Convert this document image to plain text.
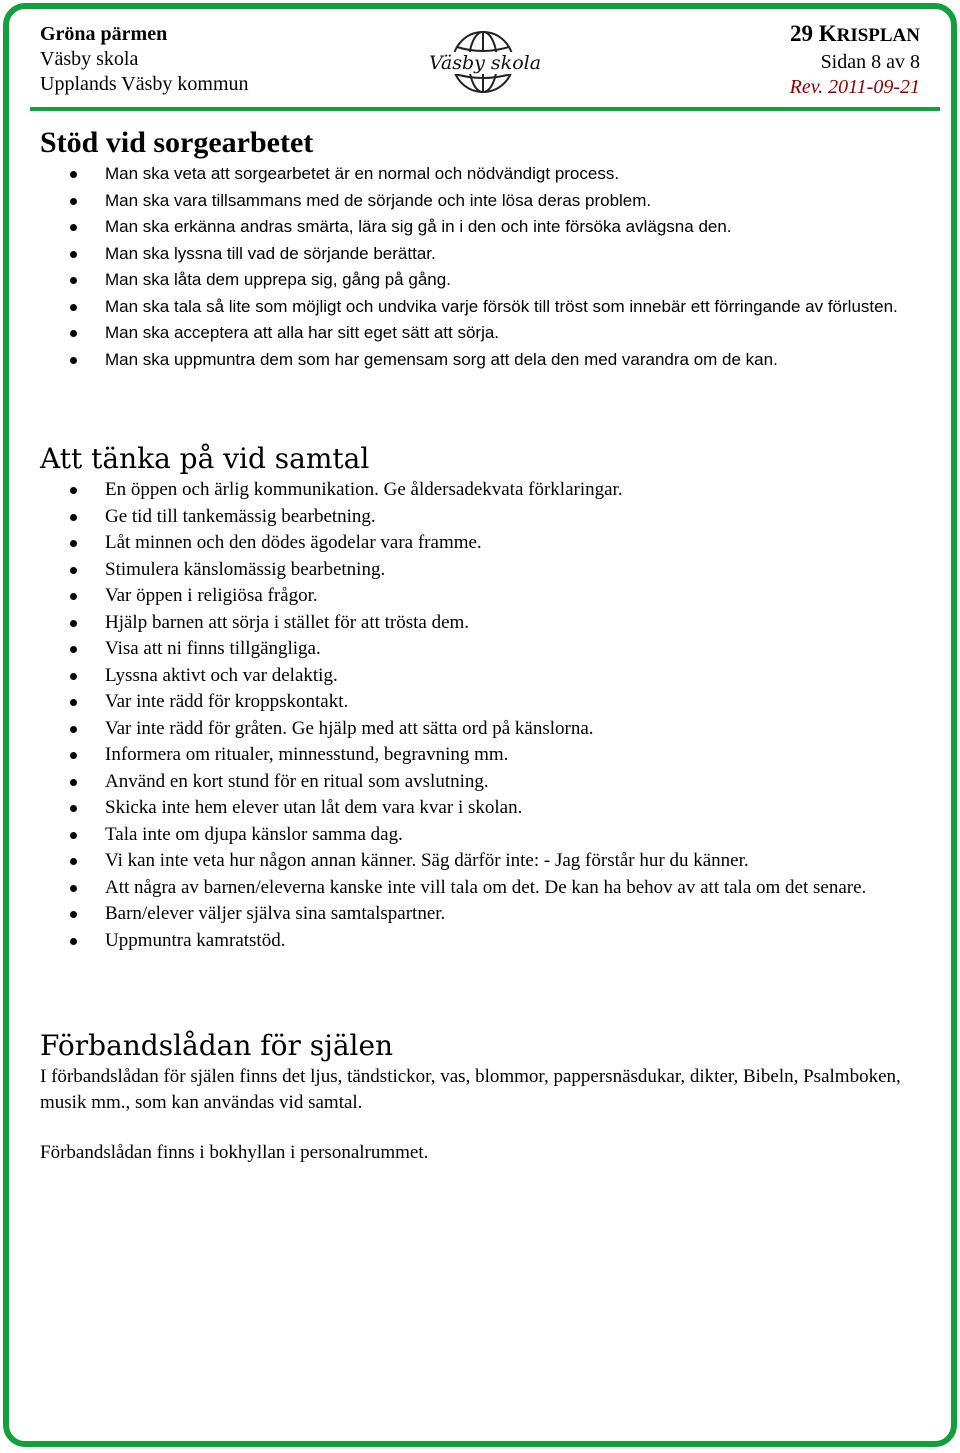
Gröna pärmen
Väsby skola
Upplands Väsby kommun
Väsby skola
29 KRISPLAN
Sidan 8 av 8
Rev. 2011-09-21
Stöd vid sorgearbetet
Man ska veta att sorgearbetet är en normal och nödvändigt process.
Man ska vara tillsammans med de sörjande och inte lösa deras problem.
Man ska erkänna andras smärta, lära sig gå in i den och inte försöka avlägsna den.
Man ska lyssna till vad de sörjande berättar.
Man ska låta dem upprepa sig, gång på gång.
Man ska tala så lite som möjligt och undvika varje försök till tröst som innebär ett förringande av förlusten.
Man ska acceptera att alla har sitt eget sätt att sörja.
Man ska uppmuntra dem som har gemensam sorg att dela den med varandra om de kan.
Att tänka på vid samtal
En öppen och ärlig kommunikation. Ge åldersadekvata förklaringar.
Ge tid till tankemässig bearbetning.
Låt minnen och den dödes ägodelar vara framme.
Stimulera känslomässig bearbetning.
Var öppen i religiösa frågor.
Hjälp barnen att sörja i stället för att trösta dem.
Visa att ni finns tillgängliga.
Lyssna aktivt och var delaktig.
Var inte rädd för kroppskontakt.
Var inte rädd för gråten. Ge hjälp med att sätta ord på känslorna.
Informera om ritualer, minnesstund, begravning mm.
Använd en kort stund för en ritual som avslutning.
Skicka inte hem elever utan låt dem vara kvar i skolan.
Tala inte om djupa känslor samma dag.
Vi kan inte veta hur någon annan känner. Säg därför inte: - Jag förstår hur du känner.
Att några av barnen/eleverna kanske inte vill tala om det. De kan ha behov av att tala om det senare.
Barn/elever väljer själva sina samtalspartner.
Uppmuntra kamratstöd.
Förbandslådan för själen

I förbandslådan för själen finns det ljus, tändstickor, vas, blommor, pappersnäsdukar, dikter, Bibeln, Psalmboken, musik mm., som kan användas vid samtal.

Förbandslådan finns i bokhyllan i personalrummet.
